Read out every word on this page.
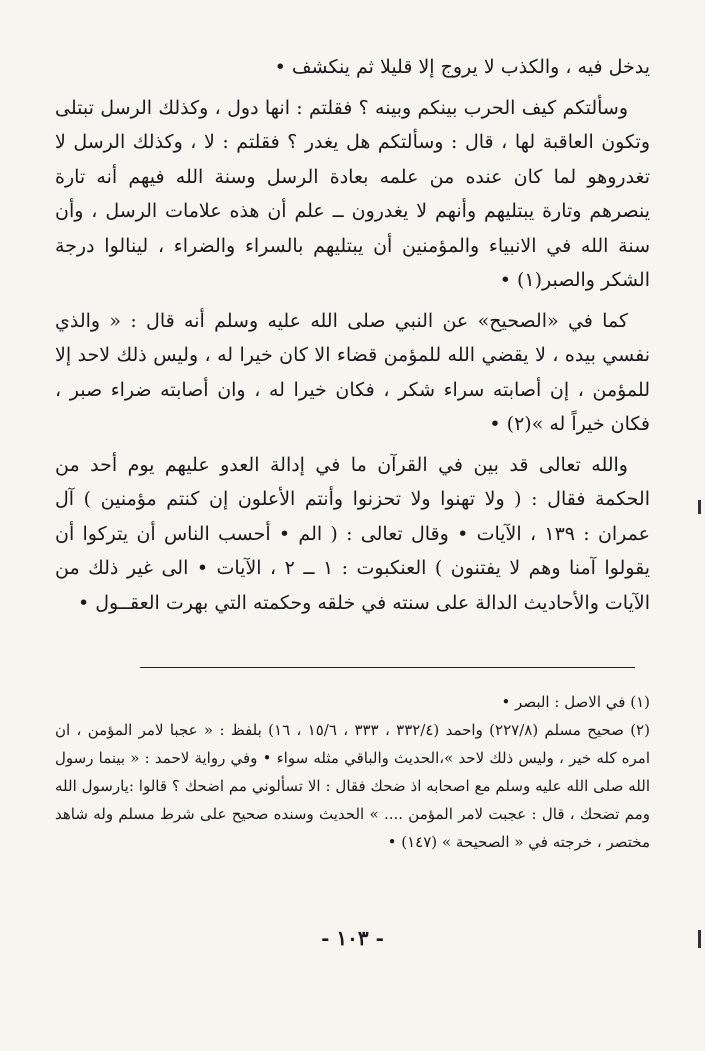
يدخل فيه ، والكذب لا يروج إلا قليلا ثم ينكشف •

وسألتكم كيف الحرب بينكم وبينه ؟ فقلتم : انها دول ، وكذلك الرسل تبتلى وتكون العاقبة لها ، قال : وسألتكم هل يغدر ؟ فقلتم : لا ، وكذلك الرسل لا تغدروهو لما كان عنده من علمه بعادة الرسل وسنة الله فيهم أنه تارة ينصرهم وتارة يبتليهم وأنهم لا يغدرون ــ علم أن هذه علامات الرسل ، وأن سنة الله في الانبياء والمؤمنين أن يبتليهم بالسراء والضراء ، لينالوا درجة الشكر والصبر(١) •

كما في «الصحيح» عن النبي صلى الله عليه وسلم أنه قال : « والذي نفسي بيده ، لا يقضي الله للمؤمن قضاء الا كان خيرا له ، وليس ذلك لاحد إلا للمؤمن ، إن أصابته سراء شكر ، فكان خيرا له ، وان أصابته ضراء صبر ، فكان خيراً له »(٢) •

والله تعالى قد بين في القرآن ما في إدالة العدو عليهم يوم أحد من الحكمة فقال : ( ولا تهنوا ولا تحزنوا وأنتم الأعلون إن كنتم مؤمنين ) آل عمران : ١٣٩ ، الآيات • وقال تعالى : ( الم • أحسب الناس أن يتركوا أن يقولوا آمنا وهم لا يفتنون ) العنكبوت : ١ ــ ٢ ، الآيات • الى غير ذلك من الآيات والأحاديث الدالة على سنته في خلقه وحكمته التي بهرت العقــول •

(١) في الاصل : البصر •

(٢) صحيح مسلم (٢٢٧/٨) واحمد (٣٣٢/٤ ، ٣٣٣ ، ١٥/٦ ، ١٦) بلفظ : « عجبا لامر المؤمن ، ان امره كله خير ، وليس ذلك لاحد »،الحديث والباقي مثله سواء • وفي رواية لاحمد : « بينما رسول الله صلى الله عليه وسلم مع اصحابه اذ ضحك فقال : الا تسألوني مم اضحك ؟ قالوا :يارسول الله ومم تضحك ، قال : عجبت لامر المؤمن .... » الحديث وسنده صحيح على شرط مسلم وله شاهد مختصر ، خرجته في « الصحيحة » (١٤٧) •

- ١٠٣ -
